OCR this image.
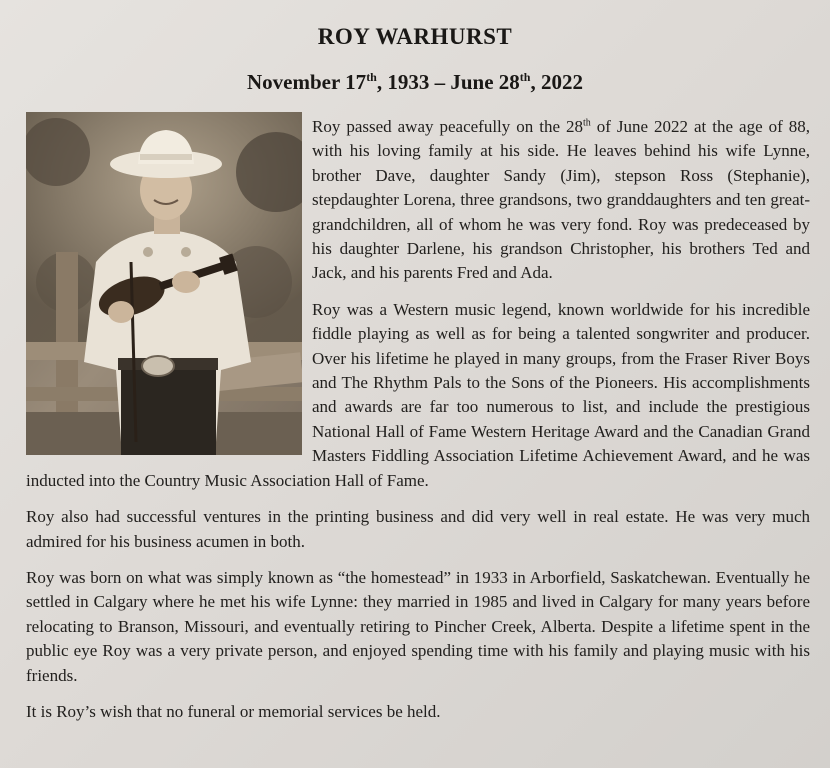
ROY WARHURST
November 17th, 1933 – June 28th, 2022

Roy passed away peacefully on the 28th of June 2022 at the age of 88, with his loving family at his side. He leaves behind his wife Lynne, brother Dave, daughter Sandy (Jim), stepson Ross (Stephanie), stepdaughter Lorena, three grandsons, two granddaughters and ten great-grandchildren, all of whom he was very fond. Roy was predeceased by his daughter Darlene, his grandson Christopher, his brothers Ted and Jack, and his parents Fred and Ada.

Roy was a Western music legend, known worldwide for his incredible fiddle playing as well as for being a talented songwriter and producer. Over his lifetime he played in many groups, from the Fraser River Boys and The Rhythm Pals to the Sons of the Pioneers. His accomplishments and awards are far too numerous to list, and include the prestigious National Hall of Fame Western Heritage Award and the Canadian Grand Masters Fiddling Association Lifetime Achievement Award, and he was inducted into the Country Music Association Hall of Fame.

Roy also had successful ventures in the printing business and did very well in real estate. He was very much admired for his business acumen in both.

Roy was born on what was simply known as “the homestead” in 1933 in Arborfield, Saskatchewan. Eventually he settled in Calgary where he met his wife Lynne: they married in 1985 and lived in Calgary for many years before relocating to Branson, Missouri, and eventually retiring to Pincher Creek, Alberta. Despite a lifetime spent in the public eye Roy was a very private person, and enjoyed spending time with his family and playing music with his friends.

It is Roy’s wish that no funeral or memorial services be held.
